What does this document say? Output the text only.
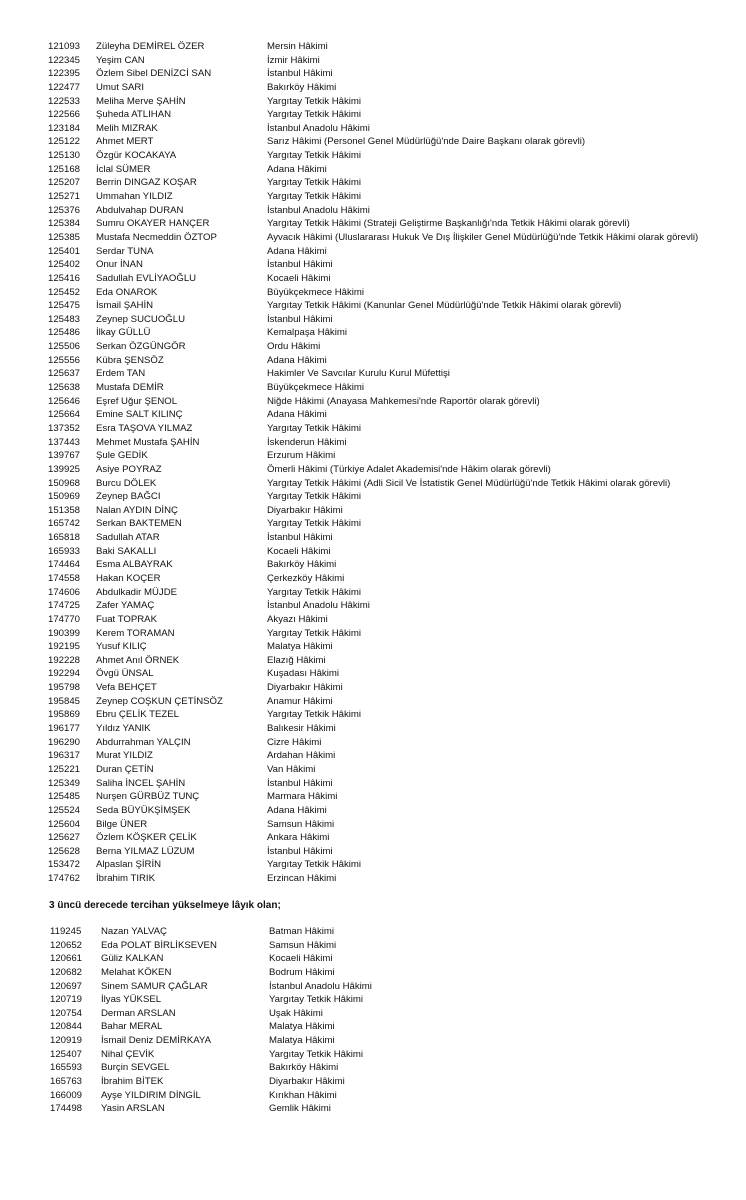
121093 Züleyha DEMİREL ÖZER	Mersin Hâkimi
122345 Yeşim CAN	İzmir Hâkimi
122395 Özlem Sibel DENİZCİ SAN	İstanbul Hâkimi
122477 Umut SARI	Bakırköy Hâkimi
122533 Meliha Merve ŞAHİN	Yargıtay Tetkik Hâkimi
122566 Şuheda ATLIHAN	Yargıtay Tetkik Hâkimi
123184 Melih MIZRAK	İstanbul Anadolu Hâkimi
125122 Ahmet MERT	Sarız Hâkimi (Personel Genel Müdürlüğü'nde Daire Başkanı olarak görevli)
125130 Özgür KOCAKAYA	Yargıtay Tetkik Hâkimi
125168 İclal SÜMER	Adana Hâkimi
125207 Berrin DINGAZ KOŞAR	Yargıtay Tetkik Hâkimi
125271 Ummahan YILDIZ	Yargıtay Tetkik Hâkimi
125376 Abdulvahap DURAN	İstanbul Anadolu Hâkimi
125384 Sumru OKAYER HANÇER	Yargıtay Tetkik Hâkimi (Strateji Geliştirme Başkanlığı'nda Tetkik Hâkimi olarak görevli)
125385 Mustafa Necmeddin ÖZTOP	Ayvacık Hâkimi (Uluslararası Hukuk Ve Dış İlişkiler Genel Müdürlüğü'nde Tetkik Hâkimi olarak görevli)
125401 Serdar TUNA	Adana Hâkimi
125402 Onur İNAN	İstanbul Hâkimi
125416 Sadullah EVLİYAOĞLU	Kocaeli Hâkimi
125452 Eda ONAROK	Büyükçekmece Hâkimi
125475 İsmail ŞAHİN	Yargıtay Tetkik Hâkimi (Kanunlar Genel Müdürlüğü'nde Tetkik Hâkimi olarak görevli)
125483 Zeynep SUCUOĞLU	İstanbul Hâkimi
125486 İlkay GÜLLÜ	Kemalpaşa Hâkimi
125506 Serkan ÖZGÜNGÖR	Ordu Hâkimi
125556 Kübra ŞENSÖZ	Adana Hâkimi
125637 Erdem TAN	Hakimler Ve Savcılar Kurulu Kurul Müfettişi
125638 Mustafa DEMİR	Büyükçekmece Hâkimi
125646 Eşref Uğur ŞENOL	Niğde Hâkimi (Anayasa Mahkemesi'nde Raportör olarak görevli)
125664 Emine SALT KILINÇ	Adana Hâkimi
137352 Esra TAŞOVA YILMAZ	Yargıtay Tetkik Hâkimi
137443 Mehmet Mustafa ŞAHİN	İskenderun Hâkimi
139767 Şule GEDİK	Erzurum Hâkimi
139925 Asiye POYRAZ	Ömerli Hâkimi (Türkiye Adalet Akademisi'nde Hâkim olarak görevli)
150968 Burcu DÖLEK	Yargıtay Tetkik Hâkimi (Adli Sicil Ve İstatistik Genel Müdürlüğü'nde Tetkik Hâkimi olarak görevli)
150969 Zeynep BAĞCI	Yargıtay Tetkik Hâkimi
151358 Nalan AYDIN DİNÇ	Diyarbakır Hâkimi
165742 Serkan BAKTEMEN	Yargıtay Tetkik Hâkimi
165818 Sadullah ATAR	İstanbul Hâkimi
165933 Baki SAKALLI	Kocaeli Hâkimi
174464 Esma ALBAYRAK	Bakırköy Hâkimi
174558 Hakan KOÇER	Çerkezköy Hâkimi
174606 Abdulkadir MÜJDE	Yargıtay Tetkik Hâkimi
174725 Zafer YAMAÇ	İstanbul Anadolu Hâkimi
174770 Fuat TOPRAK	Akyazı Hâkimi
190399 Kerem TORAMAN	Yargıtay Tetkik Hâkimi
192195 Yusuf KILIÇ	Malatya Hâkimi
192228 Ahmet Anıl ÖRNEK	Elazığ Hâkimi
192294 Övgü ÜNSAL	Kuşadası Hâkimi
195798 Vefa BEHÇET	Diyarbakır Hâkimi
195845 Zeynep COŞKUN ÇETİNSÖZ	Anamur Hâkimi
195869 Ebru ÇELİK TEZEL	Yargıtay Tetkik Hâkimi
196177 Yıldız YANIK	Balıkesir Hâkimi
196290 Abdurrahman YALÇIN	Cizre Hâkimi
196317 Murat YILDIZ	Ardahan Hâkimi
125221 Duran ÇETİN	Van Hâkimi
125349 Saliha İNCEL ŞAHİN	İstanbul Hâkimi
125485 Nurşen GÜRBÜZ TUNÇ	Marmara Hâkimi
125524 Seda BÜYÜKŞİMŞEK	Adana Hâkimi
125604 Bilge ÜNER	Samsun Hâkimi
125627 Özlem KÖŞKER ÇELİK	Ankara Hâkimi
125628 Berna YILMAZ LÜZUM	İstanbul Hâkimi
153472 Alpaslan ŞİRİN	Yargıtay Tetkik Hâkimi
174762 İbrahim TIRIK	Erzincan Hâkimi
3 üncü derecede tercihan yükselmeye lâyık olan;
119245 Nazan YALVAÇ	Batman Hâkimi
120652 Eda POLAT BİRLİKSEVEN	Samsun Hâkimi
120661 Güliz KALKAN	Kocaeli Hâkimi
120682 Melahat KÖKEN	Bodrum Hâkimi
120697 Sinem SAMUR ÇAĞLAR	İstanbul Anadolu Hâkimi
120719 İlyas YÜKSEL	Yargıtay Tetkik Hâkimi
120754 Derman ARSLAN	Uşak Hâkimi
120844 Bahar MERAL	Malatya Hâkimi
120919 İsmail Deniz DEMİRKAYA	Malatya Hâkimi
125407 Nihal ÇEVİK	Yargıtay Tetkik Hâkimi
165593 Burçin SEVGEL	Bakırköy Hâkimi
165763 İbrahim BİTEK	Diyarbakır Hâkimi
166009 Ayşe YILDIRIM DİNGİL	Kırıkhan Hâkimi
174498 Yasin ARSLAN	Gemlik Hâkimi
